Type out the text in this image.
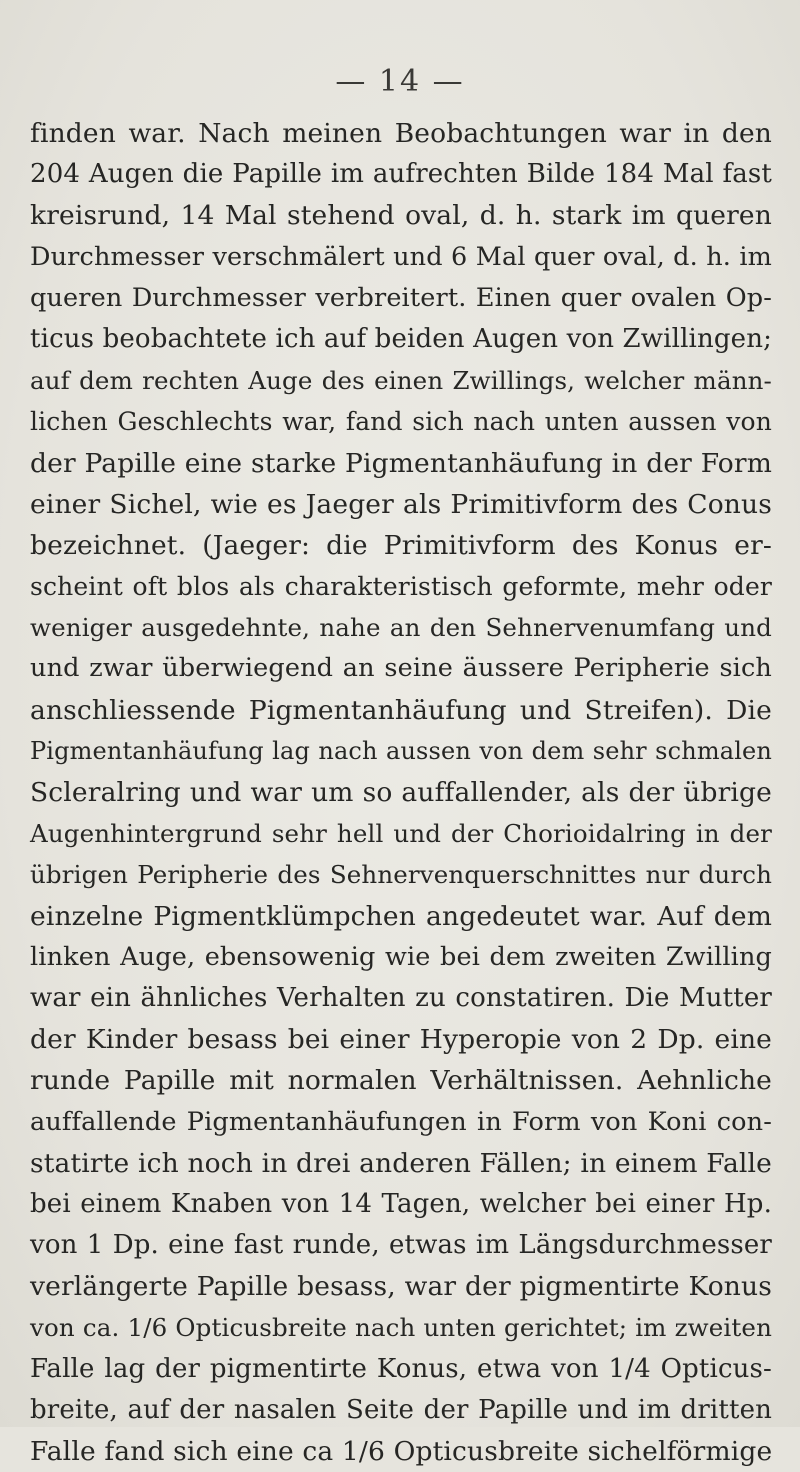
— 14 —
finden war. Nach meinen Beobachtungen war in den
204 Augen die Papille im aufrechten Bilde 184 Mal fast
kreisrund, 14 Mal stehend oval, d. h. stark im queren
Durchmesser verschmälert und 6 Mal quer oval, d. h. im
queren Durchmesser verbreitert. Einen quer ovalen Op-
ticus beobachtete ich auf beiden Augen von Zwillingen;
auf dem rechten Auge des einen Zwillings, welcher männ-
lichen Geschlechts war, fand sich nach unten aussen von
der Papille eine starke Pigmentanhäufung in der Form
einer Sichel, wie es Jaeger als Primitivform des Conus
bezeichnet. (Jaeger: die Primitivform des Konus er-
scheint oft blos als charakteristisch geformte, mehr oder
weniger ausgedehnte, nahe an den Sehnervenumfang und
und zwar überwiegend an seine äussere Peripherie sich
anschliessende Pigmentanhäufung und Streifen). Die
Pigmentanhäufung lag nach aussen von dem sehr schmalen
Scleralring und war um so auffallender, als der übrige
Augenhintergrund sehr hell und der Chorioidalring in der
übrigen Peripherie des Sehnervenquerschnittes nur durch
einzelne Pigmentklümpchen angedeutet war. Auf dem
linken Auge, ebensowenig wie bei dem zweiten Zwilling
war ein ähnliches Verhalten zu constatiren. Die Mutter
der Kinder besass bei einer Hyperopie von 2 Dp. eine
runde Papille mit normalen Verhältnissen. Aehnliche
auffallende Pigmentanhäufungen in Form von Koni con-
statirte ich noch in drei anderen Fällen; in einem Falle
bei einem Knaben von 14 Tagen, welcher bei einer Hp.
von 1 Dp. eine fast runde, etwas im Längsdurchmesser
verlängerte Papille besass, war der pigmentirte Konus
von ca. 1/6 Opticusbreite nach unten gerichtet; im zweiten
Falle lag der pigmentirte Konus, etwa von 1/4 Opticus-
breite, auf der nasalen Seite der Papille und im dritten
Falle fand sich eine ca 1/6 Opticusbreite sichelförmige
